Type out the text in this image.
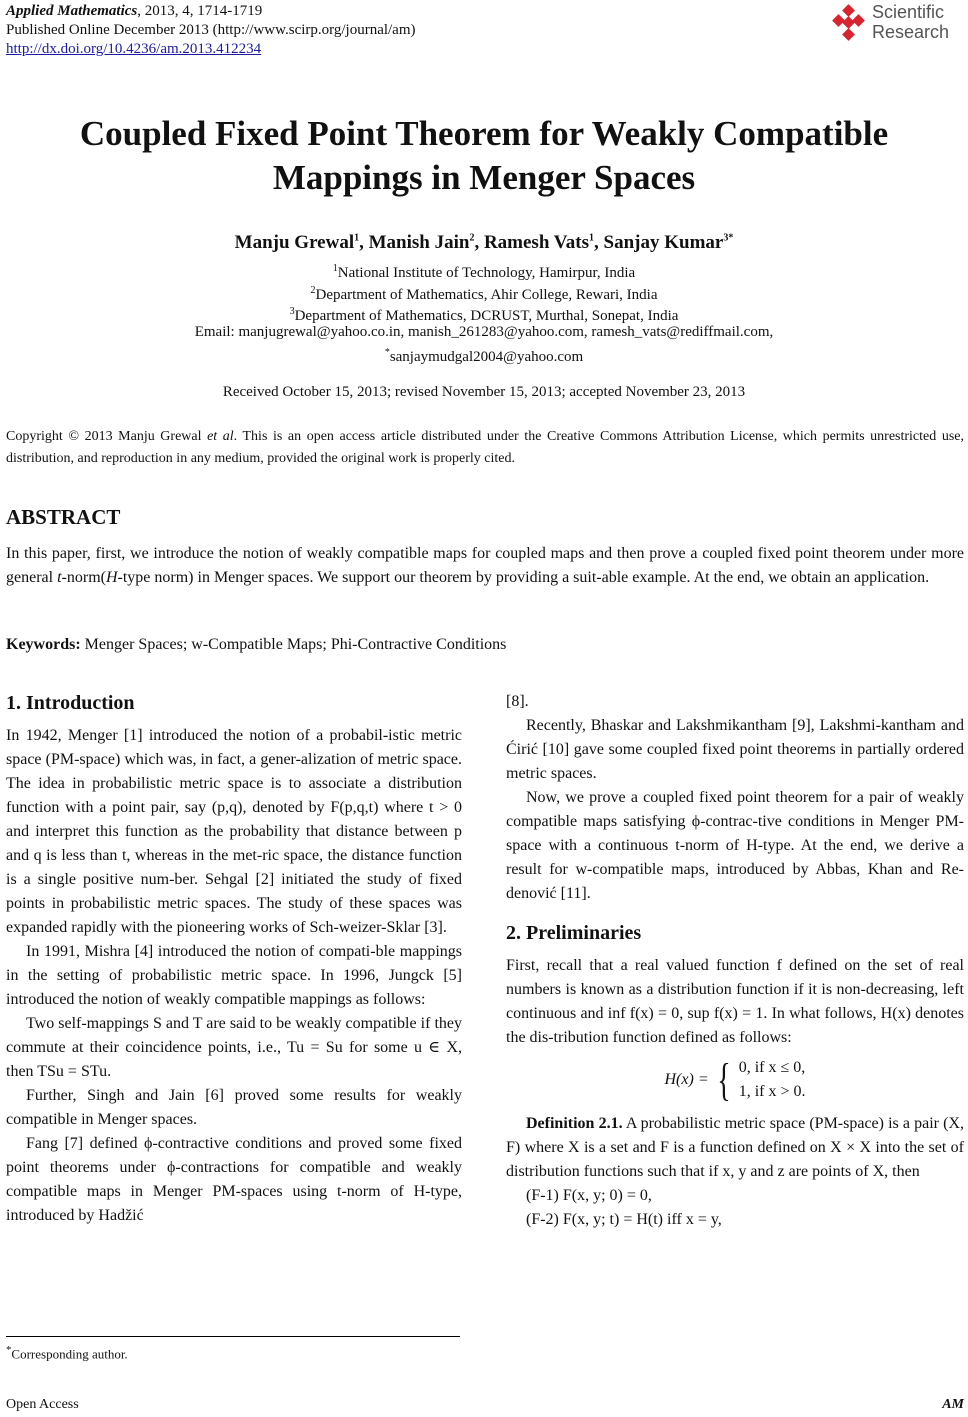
Applied Mathematics, 2013, 4, 1714-1719
Published Online December 2013 (http://www.scirp.org/journal/am)
http://dx.doi.org/10.4236/am.2013.412234
Scientific
Research
Coupled Fixed Point Theorem for Weakly Compatible
Mappings in Menger Spaces
Manju Grewal$^1$, Manish Jain$^2$, Ramesh Vats$^1$, Sanjay Kumar$^{3*}$
$^1$National Institute of Technology, Hamirpur, India
$^2$Department of Mathematics, Ahir College, Rewari, India
$^3$Department of Mathematics, DCRUST, Murthal, Sonepat, India
Email: manjugrewal@yahoo.co.in, manish_261283@yahoo.com, ramesh_vats@rediffmail.com,
*sanjaymudgal2004@yahoo.com
Received October 15, 2013; revised November 15, 2013; accepted November 23, 2013
Copyright © 2013 Manju Grewal et al. This is an open access article distributed under the Creative Commons Attribution License, which permits unrestricted use, distribution, and reproduction in any medium, provided the original work is properly cited.
ABSTRACT
In this paper, first, we introduce the notion of weakly compatible maps for coupled maps and then prove a coupled fixed point theorem under more general t-norm(H-type norm) in Menger spaces. We support our theorem by providing a suit-able example. At the end, we obtain an application.
Keywords: Menger Spaces; w-Compatible Maps; Phi-Contractive Conditions
1. Introduction

In 1942, Menger [1] introduced the notion of a probabil-istic metric space (PM-space) which was, in fact, a gener-alization of metric space. The idea in probabilistic metric space is to associate a distribution function with a point pair, say (p,q), denoted by F(p,q,t) where t > 0 and interpret this function as the probability that distance between p and q is less than t, whereas in the met-ric space, the distance function is a single positive num-ber. Sehgal [2] initiated the study of fixed points in probabilistic metric spaces. The study of these spaces was expanded rapidly with the pioneering works of Sch-weizer-Sklar [3].

In 1991, Mishra [4] introduced the notion of compati-ble mappings in the setting of probabilistic metric space. In 1996, Jungck [5] introduced the notion of weakly compatible mappings as follows:

Two self-mappings S and T are said to be weakly compatible if they commute at their coincidence points, i.e., Tu = Su for some u ∈ X, then TSu = STu.

Further, Singh and Jain [6] proved some results for weakly compatible in Menger spaces.

Fang [7] defined ϕ-contractive conditions and proved some fixed point theorems under ϕ-contractions for compatible and weakly compatible maps in Menger PM-spaces using t-norm of H-type, introduced by Hadžić

[8].

Recently, Bhaskar and Lakshmikantham [9], Lakshmi-kantham and Ćirić [10] gave some coupled fixed point theorems in partially ordered metric spaces.

Now, we prove a coupled fixed point theorem for a pair of weakly compatible maps satisfying ϕ-contrac-tive conditions in Menger PM-space with a continuous t-norm of H-type. At the end, we derive a result for w-compatible maps, introduced by Abbas, Khan and Re-denović [11].

2. Preliminaries

First, recall that a real valued function f defined on the set of real numbers is known as a distribution function if it is non-decreasing, left continuous and inf f(x) = 0, sup f(x) = 1. In what follows, H(x) denotes the dis-tribution function defined as follows:

H(x) = { 0, if x ≤ 0,
1, if x > 0.

Definition 2.1. A probabilistic metric space (PM-space) is a pair (X, F) where X is a set and F is a function defined on X × X into the set of distribution functions such that if x, y and z are points of X, then

(F-1) F(x, y; 0) = 0,

(F-2) F(x, y; t) = H(t) iff x = y,

*Corresponding author.
Open Access	AM
